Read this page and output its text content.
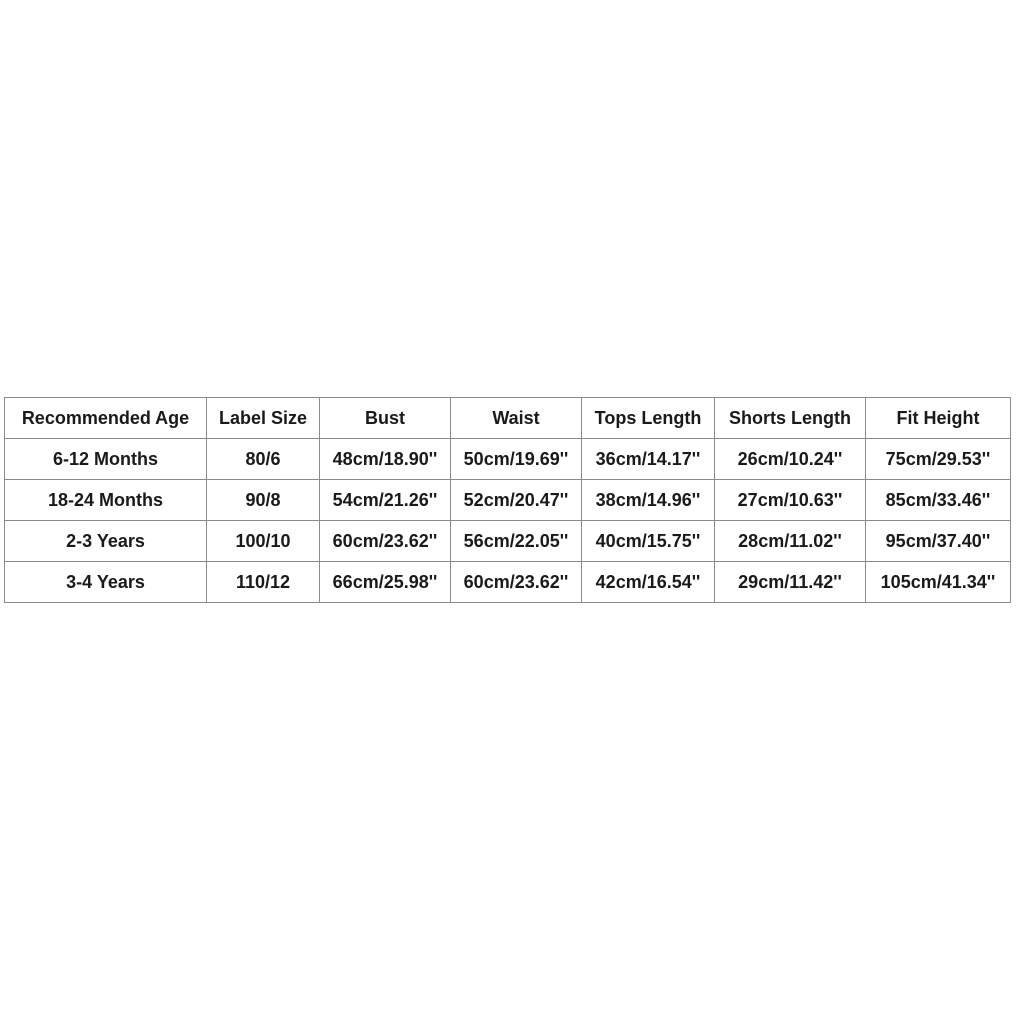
Recommended Age	Label Size	Bust	Waist	Tops Length	Shorts Length	Fit Height
6-12 Months	80/6	48cm/18.90''	50cm/19.69''	36cm/14.17''	26cm/10.24''	75cm/29.53''
18-24 Months	90/8	54cm/21.26''	52cm/20.47''	38cm/14.96''	27cm/10.63''	85cm/33.46''
2-3 Years	100/10	60cm/23.62''	56cm/22.05''	40cm/15.75''	28cm/11.02''	95cm/37.40''
3-4 Years	110/12	66cm/25.98''	60cm/23.62''	42cm/16.54''	29cm/11.42''	105cm/41.34''
